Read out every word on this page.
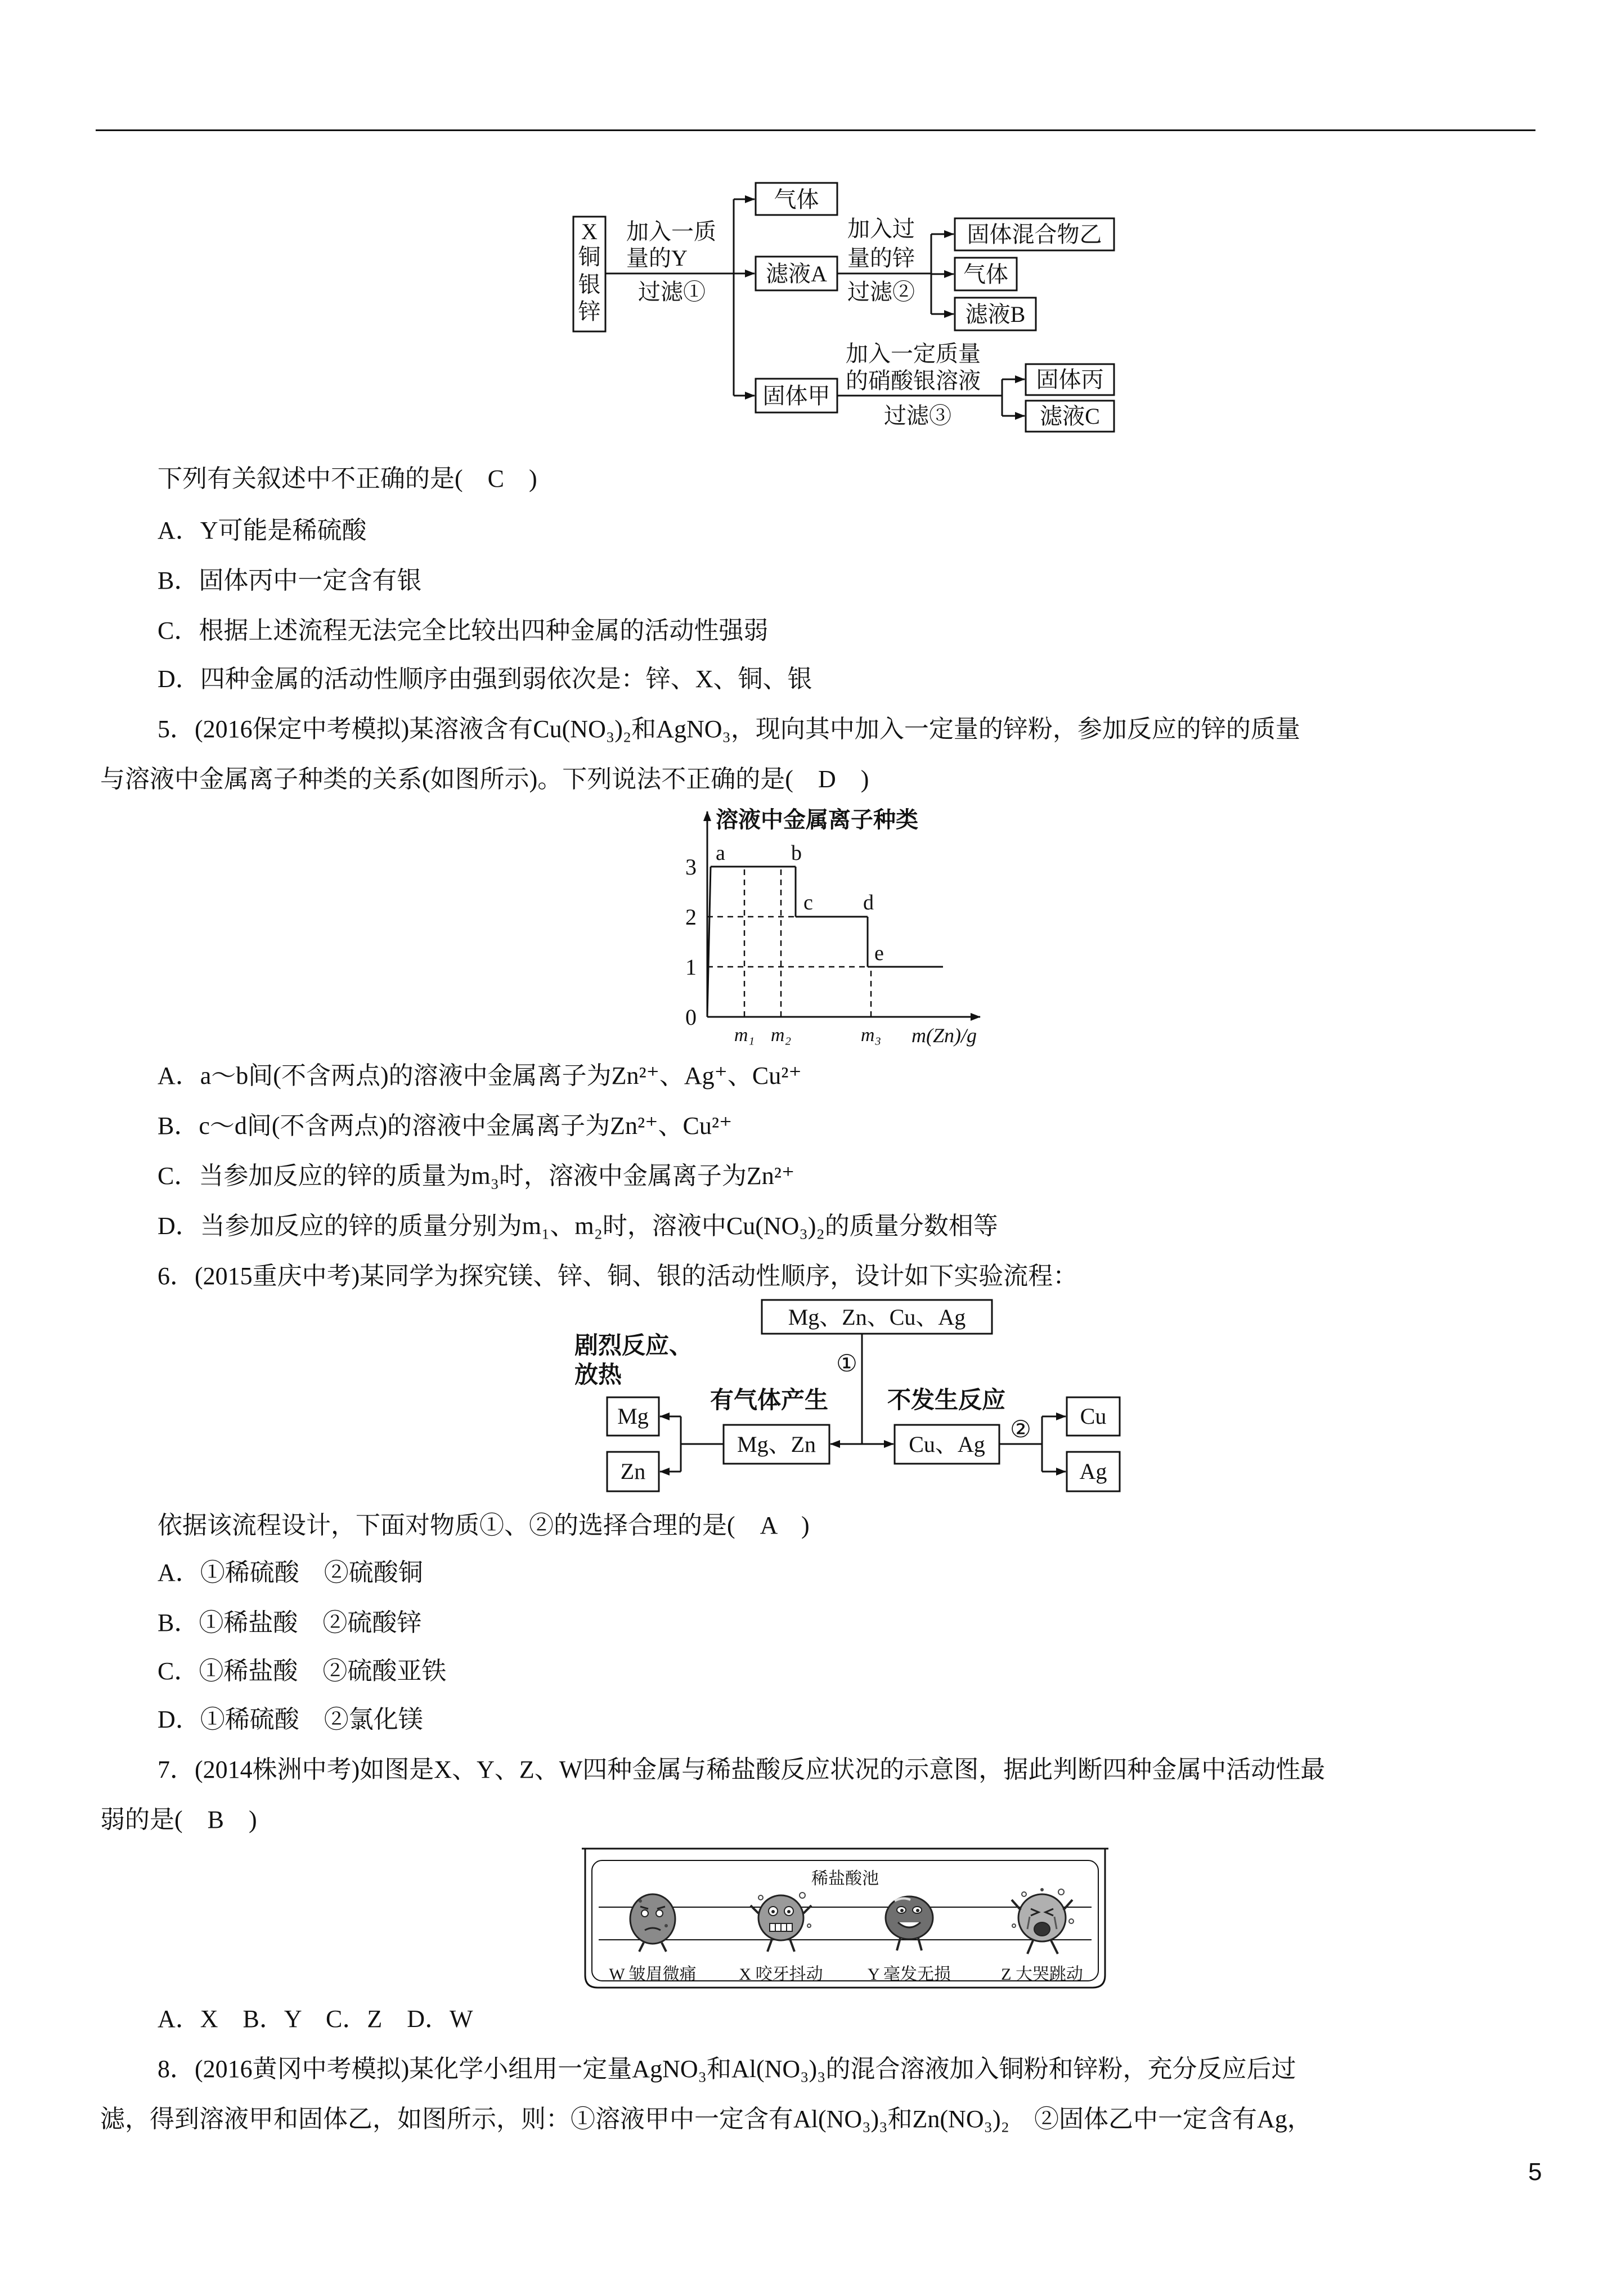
X
铜
银
锌
加入一质
量的Y
过滤①
气体
滤液A
固体甲
加入过
量的锌
过滤②
固体混合物乙
气体
滤液B
加入一定质量
的硝酸银溶液
过滤③
固体丙
滤液C
下列有关叙述中不正确的是(　C　)
A．Y可能是稀硫酸
B．固体丙中一定含有银
C．根据上述流程无法完全比较出四种金属的活动性强弱
D．四种金属的活动性顺序由强到弱依次是：锌、X、铜、银
5．(2016保定中考模拟)某溶液含有Cu(NO₃)₂和AgNO₃，现向其中加入一定量的锌粉，参加反应的锌的质量
与溶液中金属离子种类的关系(如图所示)。下列说法不正确的是(　D　)
0
1
2
3
溶液中金属离子种类
m(Zn)/g
m₁ m₂	m₃
a	b
c d
e
A．a～b间(不含两点)的溶液中金属离子为Zn²⁺、Ag⁺、Cu²⁺
B．c～d间(不含两点)的溶液中金属离子为Zn²⁺、Cu²⁺
C．当参加反应的锌的质量为m₃时，溶液中金属离子为Zn²⁺
D．当参加反应的锌的质量分别为m₁、m₂时，溶液中Cu(NO₃)₂的质量分数相等
6．(2015重庆中考)某同学为探究镁、锌、铜、银的活动性顺序，设计如下实验流程：
Mg、Zn、Cu、Ag
①
有气体产生 不发生反应
Mg、Zn	Cu、Ag
剧烈反应、
放热
Mg
Zn
②
Cu
Ag
依据该流程设计，下面对物质①、②的选择合理的是(　A　)
A．①稀硫酸　②硫酸铜
B．①稀盐酸　②硫酸锌
C．①稀盐酸　②硫酸亚铁
D．①稀硫酸　②氯化镁
7．(2014株洲中考)如图是X、Y、Z、W四种金属与稀盐酸反应状况的示意图，据此判断四种金属中活动性最
弱的是(　B　)
稀盐酸池
W 皱眉微痛	X 咬牙抖动	Y 毫发无损	Z 大哭跳动
A．X　B．Y　C．Z　D．W
8．(2016黄冈中考模拟)某化学小组用一定量AgNO₃和Al(NO₃)₃的混合溶液加入铜粉和锌粉，充分反应后过
滤，得到溶液甲和固体乙，如图所示，则：①溶液甲中一定含有Al(NO₃)₃和Zn(NO₃)₂　②固体乙中一定含有Ag，
5
